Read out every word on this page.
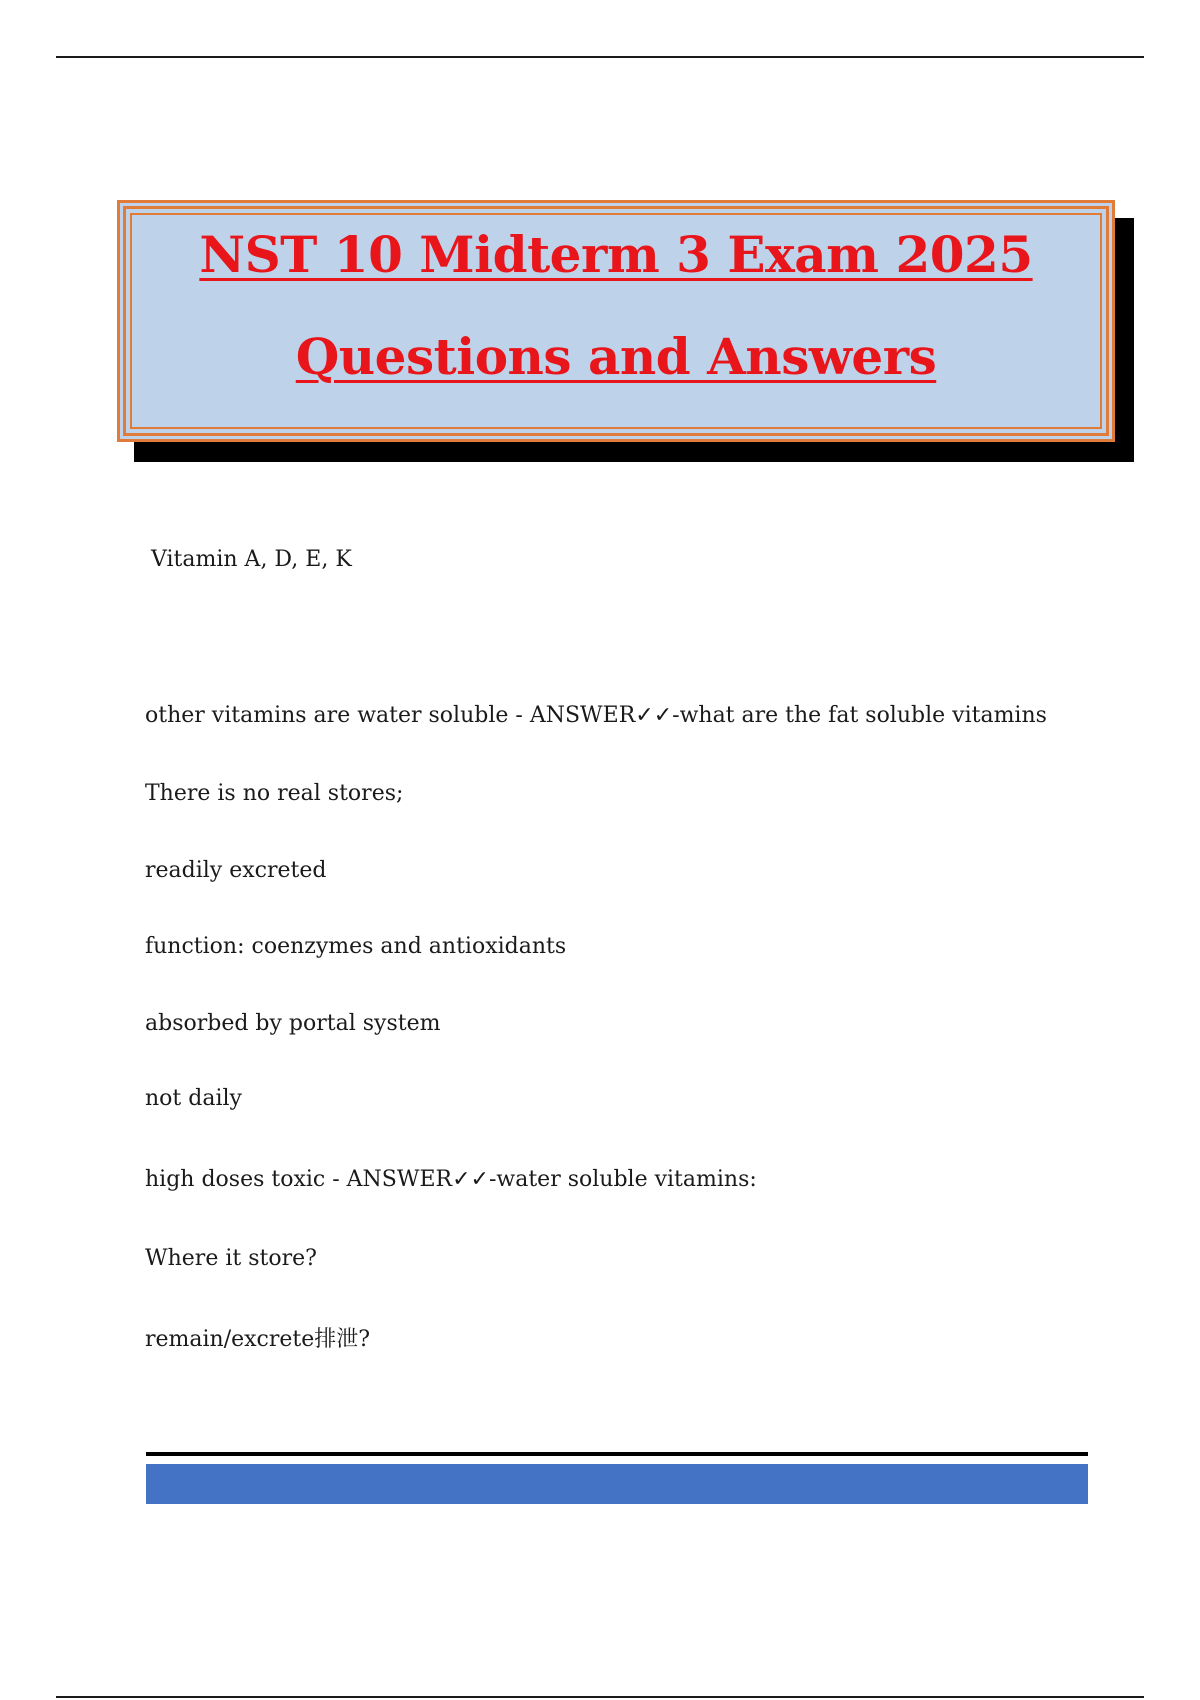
NST 10 Midterm 3 Exam 2025
Questions and Answers
Vitamin A, D, E, K
other vitamins are water soluble - ANSWER✓✓-what are the fat soluble vitamins
There is no real stores;
readily excreted
function: coenzymes and antioxidants
absorbed by portal system
not daily
high doses toxic - ANSWER✓✓-water soluble vitamins:
Where it store?
remain/excrete排泄?
